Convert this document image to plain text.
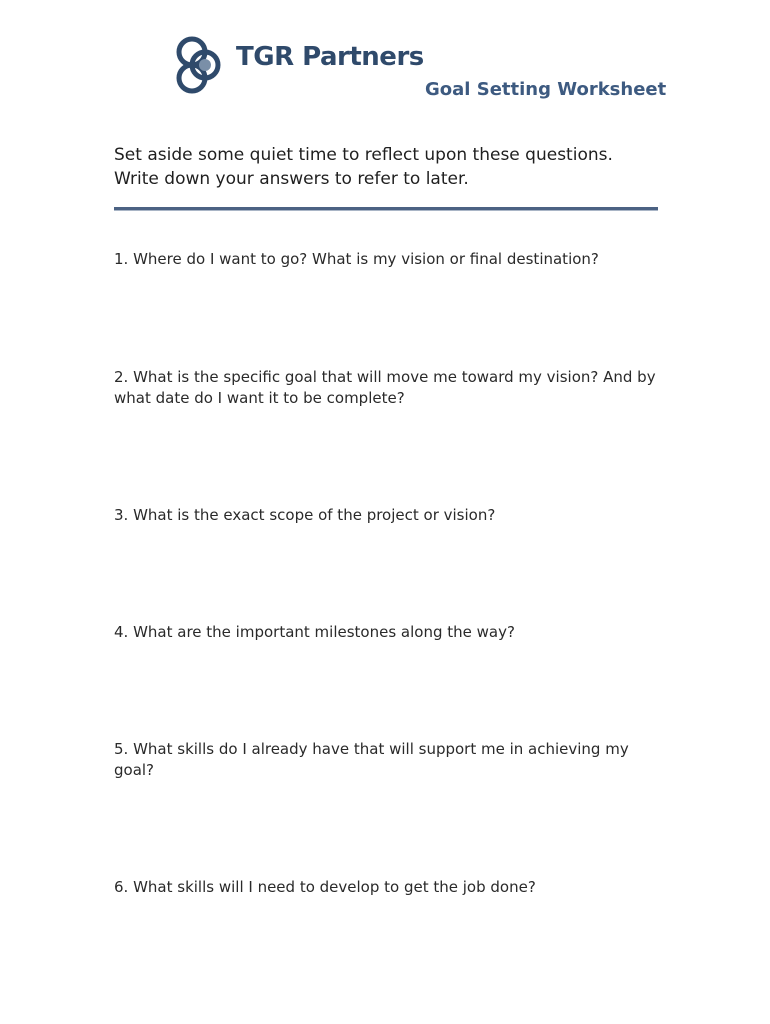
TGR Partners
Goal Setting Worksheet
Set aside some quiet time to reflect upon these questions.
Write down your answers to refer to later.

1. Where do I want to go? What is my vision or final destination?

2. What is the specific goal that will move me toward my vision? And by what date do I want it to be complete?

3. What is the exact scope of the project or vision?

4. What are the important milestones along the way?

5. What skills do I already have that will support me in achieving my goal?

6. What skills will I need to develop to get the job done?
